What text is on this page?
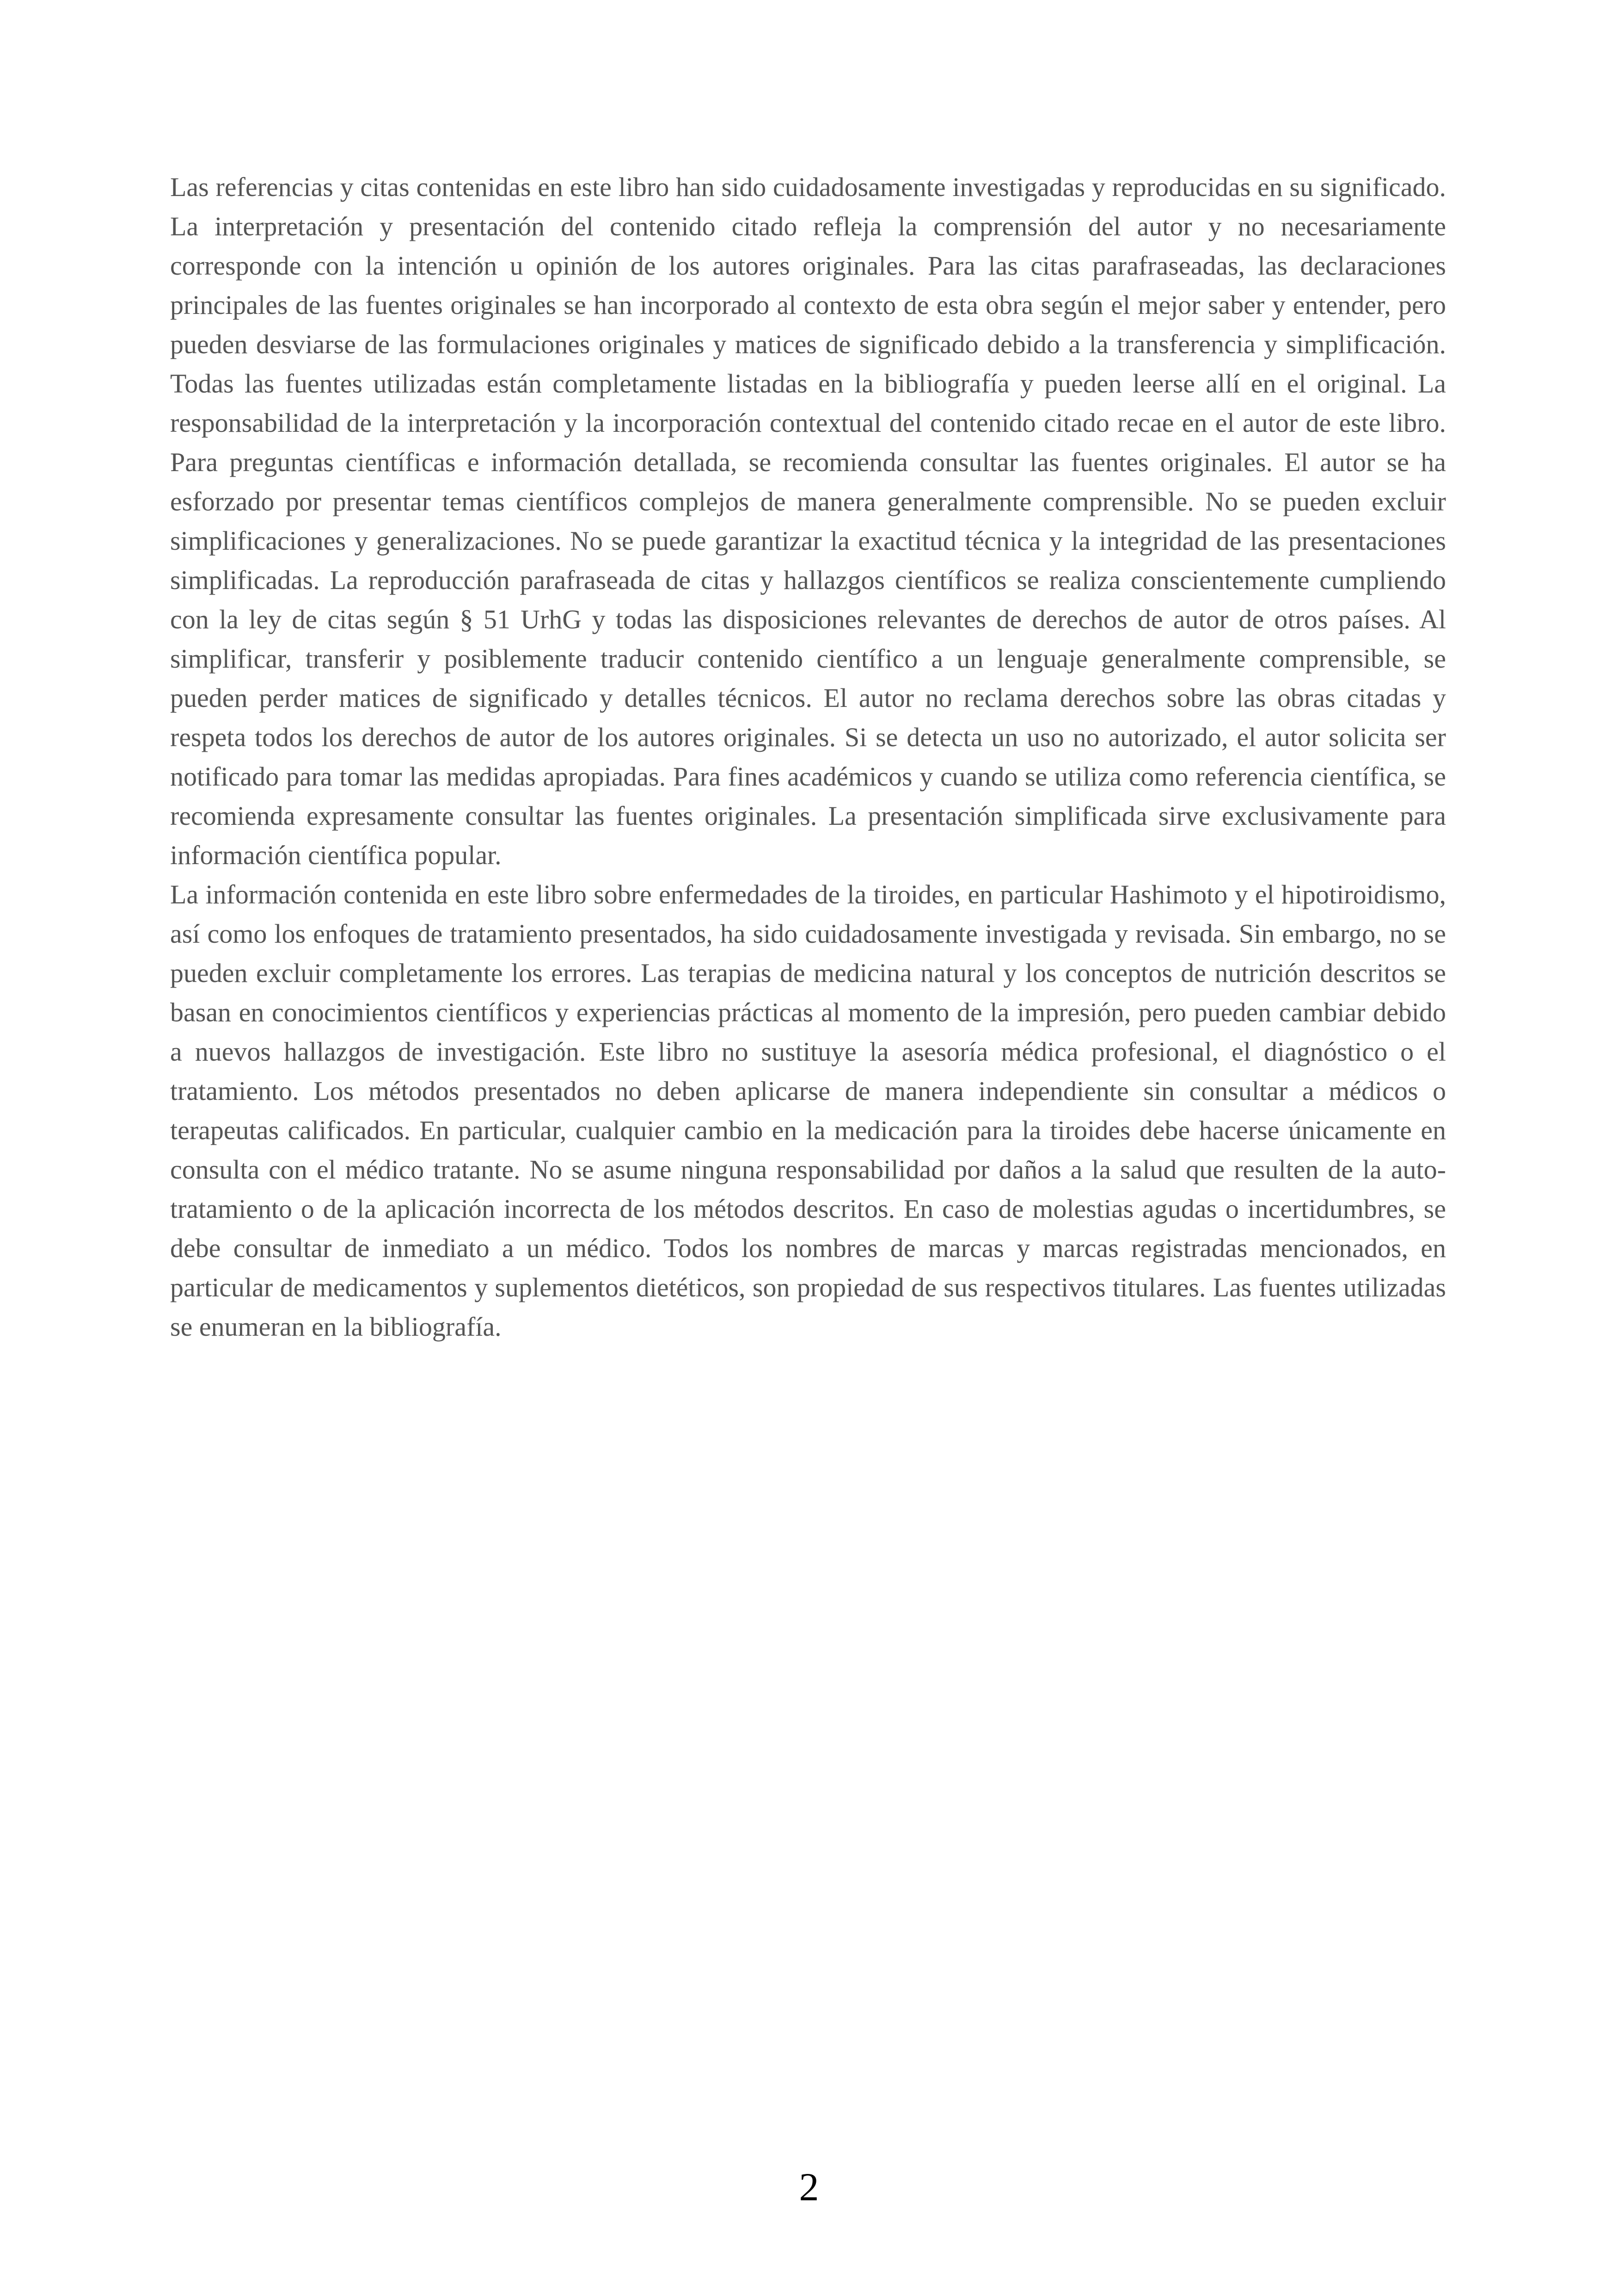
Las referencias y citas contenidas en este libro han sido cuidadosamente investigadas y reproducidas en su significado. La interpretación y presentación del contenido citado refleja la comprensión del autor y no necesariamente corresponde con la intención u opinión de los autores originales. Para las citas parafraseadas, las declaraciones principales de las fuentes originales se han incorporado al contexto de esta obra según el mejor saber y entender, pero pueden desviarse de las formulaciones originales y matices de significado debido a la transferencia y simplificación. Todas las fuentes utilizadas están completamente listadas en la bibliografía y pueden leerse allí en el original. La responsabilidad de la interpretación y la incorporación contextual del contenido citado recae en el autor de este libro. Para preguntas científicas e información detallada, se recomienda consultar las fuentes originales. El autor se ha esforzado por presentar temas científicos complejos de manera generalmente comprensible. No se pueden excluir simplificaciones y generalizaciones. No se puede garantizar la exactitud técnica y la integridad de las presentaciones simplificadas. La reproducción parafraseada de citas y hallazgos científicos se realiza conscientemente cumpliendo con la ley de citas según § 51 UrhG y todas las disposiciones relevantes de derechos de autor de otros países. Al simplificar, transferir y posiblemente traducir contenido científico a un lenguaje generalmente comprensible, se pueden perder matices de significado y detalles técnicos. El autor no reclama derechos sobre las obras citadas y respeta todos los derechos de autor de los autores originales. Si se detecta un uso no autorizado, el autor solicita ser notificado para tomar las medidas apropiadas. Para fines académicos y cuando se utiliza como referencia científica, se recomienda expresamente consultar las fuentes originales. La presentación simplificada sirve exclusivamente para información científica popular.

La información contenida en este libro sobre enfermedades de la tiroides, en particular Hashimoto y el hipotiroidismo, así como los enfoques de tratamiento presentados, ha sido cuidadosamente investigada y revisada. Sin embargo, no se pueden excluir completamente los errores. Las terapias de medicina natural y los conceptos de nutrición descritos se basan en conocimientos científicos y experiencias prácticas al momento de la impresión, pero pueden cambiar debido a nuevos hallazgos de investigación. Este libro no sustituye la asesoría médica profesional, el diagnóstico o el tratamiento. Los métodos presentados no deben aplicarse de manera independiente sin consultar a médicos o terapeutas calificados. En particular, cualquier cambio en la medicación para la tiroides debe hacerse únicamente en consulta con el médico tratante. No se asume ninguna responsabilidad por daños a la salud que resulten de la auto-tratamiento o de la aplicación incorrecta de los métodos descritos. En caso de molestias agudas o incertidumbres, se debe consultar de inmediato a un médico. Todos los nombres de marcas y marcas registradas mencionados, en particular de medicamentos y suplementos dietéticos, son propiedad de sus respectivos titulares. Las fuentes utilizadas se enumeran en la bibliografía.

2
